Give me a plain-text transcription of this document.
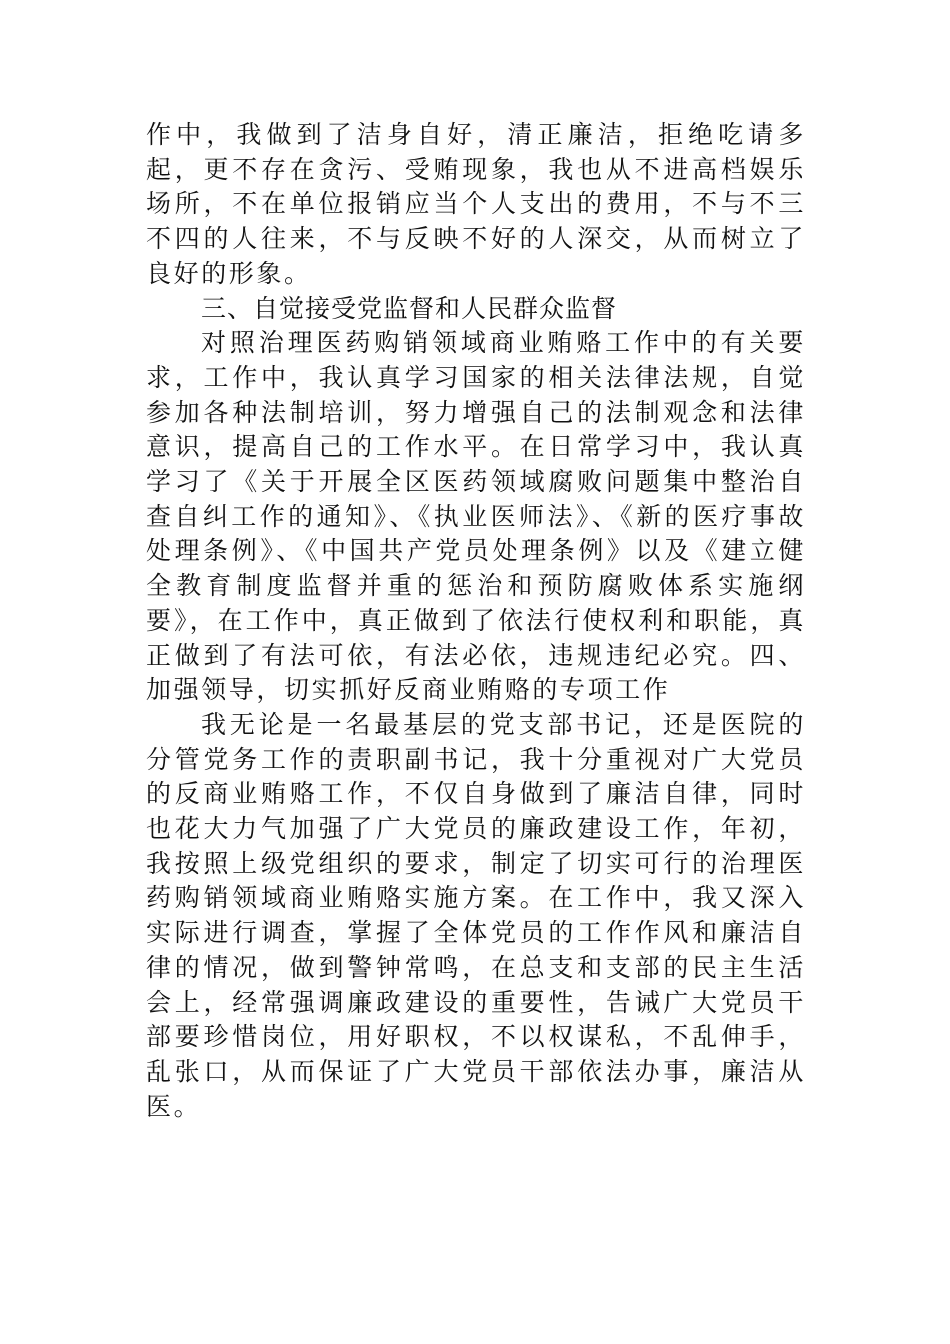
作中，我做到了洁身自好，清正廉洁，拒绝吃请多起，更不存在贪污、受贿现象，我也从不进高档娱乐场所，不在单位报销应当个人支出的费用，不与不三不四的人往来，不与反映不好的人深交，从而树立了良好的形象。

三、自觉接受党监督和人民群众监督

对照治理医药购销领域商业贿赂工作中的有关要求，工作中，我认真学习国家的相关法律法规，自觉参加各种法制培训，努力增强自己的法制观念和法律意识，提高自己的工作水平。在日常学习中，我认真学习了《关于开展全区医药领域腐败问题集中整治自查自纠工作的通知》、《执业医师法》、《新的医疗事故处理条例》、《中国共产党员处理条例》以及《建立健全教育制度监督并重的惩治和预防腐败体系实施纲要》，在工作中，真正做到了依法行使权利和职能，真正做到了有法可依，有法必依，违规违纪必究。四、加强领导，切实抓好反商业贿赂的专项工作

我无论是一名最基层的党支部书记，还是医院的分管党务工作的责职副书记，我十分重视对广大党员的反商业贿赂工作，不仅自身做到了廉洁自律，同时也花大力气加强了广大党员的廉政建设工作，年初，我按照上级党组织的要求，制定了切实可行的治理医药购销领域商业贿赂实施方案。在工作中，我又深入实际进行调查，掌握了全体党员的工作作风和廉洁自律的情况，做到警钟常鸣，在总支和支部的民主生活会上，经常强调廉政建设的重要性，告诫广大党员干部要珍惜岗位，用好职权，不以权谋私，不乱伸手，乱张口，从而保证了广大党员干部依法办事，廉洁从医。
